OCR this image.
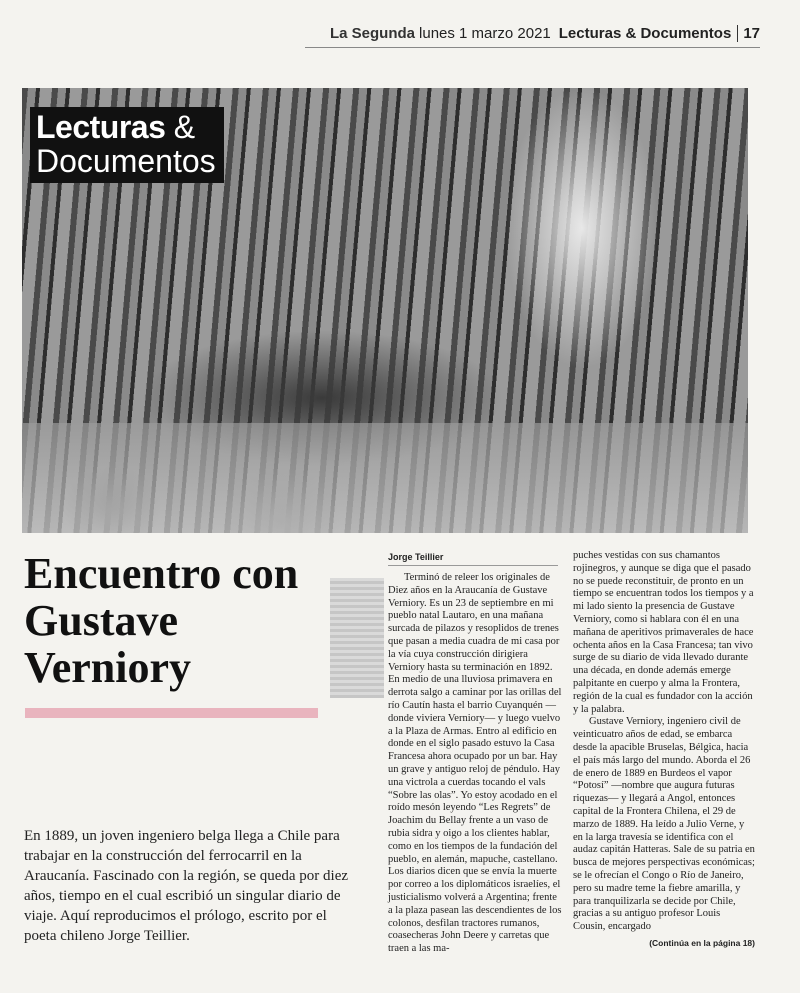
La Segunda lunes 1 marzo 2021 Lecturas & Documentos 17
Lecturas &
Documentos
Encuentro con Gustave Verniory
En 1889, un joven ingeniero belga llega a Chile para trabajar en la construcción del ferrocarril en la Araucanía. Fascinado con la región, se queda por diez años, tiempo en el cual escribió un singular diario de viaje. Aquí reproducimos el prólogo, escrito por el poeta chileno Jorge Teillier.
Jorge Teillier

Terminó de releer los originales de Diez años en la Araucanía de Gustave Verniory. Es un 23 de septiembre en mi pueblo natal Lautaro, en una mañana surcada de pilazos y resoplidos de trenes que pasan a media cuadra de mi casa por la vía cuya construcción dirigiera Verniory hasta su terminación en 1892. En medio de una lluviosa primavera en derrota salgo a caminar por las orillas del río Cautín hasta el barrio Cuyanquén —donde viviera Verniory— y luego vuelvo a la Plaza de Armas. Entro al edificio en donde en el siglo pasado estuvo la Casa Francesa ahora ocupado por un bar. Hay un grave y antiguo reloj de péndulo. Hay una victrola a cuerdas tocando el vals “Sobre las olas”. Yo estoy acodado en el roído mesón leyendo “Les Regrets” de Joachim du Bellay frente a un vaso de rubia sidra y oigo a los clientes hablar, como en los tiempos de la fundación del pueblo, en alemán, mapuche, castellano. Los diarios dicen que se envía la muerte por correo a los diplomáticos israelíes, el justicialismo volverá a Argentina; frente a la plaza pasean las descendientes de los colonos, desfilan tractores rumanos, coasecheras John Deere y carretas que traen a las ma-

puches vestidas con sus chamantos rojinegros, y aunque se diga que el pasado no se puede reconstituir, de pronto en un tiempo se encuentran todos los tiempos y a mi lado siento la presencia de Gustave Verniory, como si hablara con él en una mañana de aperitivos primaverales de hace ochenta años en la Casa Francesa; tan vivo surge de su diario de vida llevado durante una década, en donde además emerge palpitante en cuerpo y alma la Frontera, región de la cual es fundador con la acción y la palabra.

Gustave Verniory, ingeniero civil de veinticuatro años de edad, se embarca desde la apacible Bruselas, Bélgica, hacia el país más largo del mundo. Aborda el 26 de enero de 1889 en Burdeos el vapor “Potosí” —nombre que augura futuras riquezas— y llegará a Angol, entonces capital de la Frontera Chilena, el 29 de marzo de 1889. Ha leído a Julio Verne, y en la larga travesía se identifica con el audaz capitán Hatteras. Sale de su patria en busca de mejores perspectivas económicas; se le ofrecían el Congo o Río de Janeiro, pero su madre teme la fiebre amarilla, y para tranquilizarla se decide por Chile, gracias a su antiguo profesor Louis Cousin, encargado

(Continúa en la página 18)
